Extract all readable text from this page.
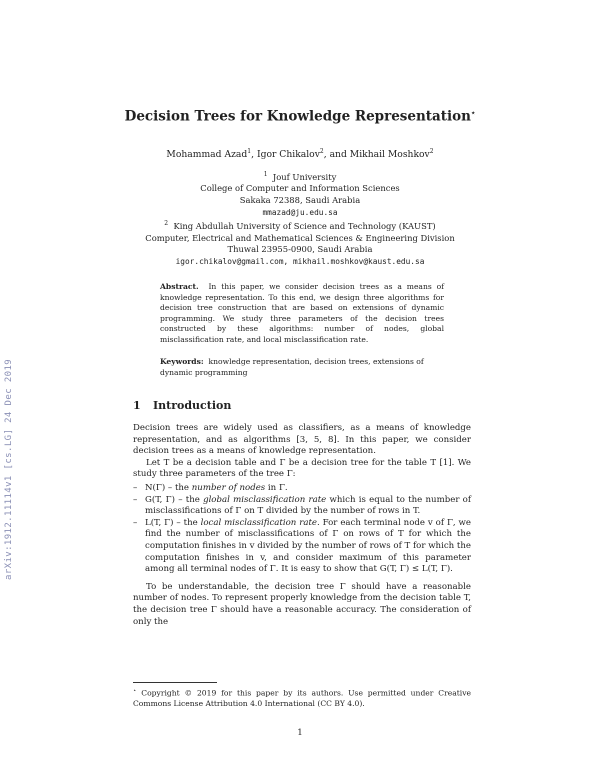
arXiv:1912.11114v1 [cs.LG] 24 Dec 2019
Decision Trees for Knowledge Representation⋆
Mohammad Azad$^1$, Igor Chikalov$^2$, and Mikhail Moshkov$^2$
$^1$ Jouf University
College of Computer and Information Sciences
Sakaka 72388, Saudi Arabia
mmazad@ju.edu.sa
$^2$ King Abdullah University of Science and Technology (KAUST)
Computer, Electrical and Mathematical Sciences & Engineering Division
Thuwal 23955-0900, Saudi Arabia
igor.chikalov@gmail.com, mikhail.moshkov@kaust.edu.sa
Abstract. In this paper, we consider decision trees as a means of knowledge representation. To this end, we design three algorithms for decision tree construction that are based on extensions of dynamic programming. We study three parameters of the decision trees constructed by these algorithms: number of nodes, global misclassification rate, and local misclassification rate.
Keywords: knowledge representation, decision trees, extensions of dynamic programming
1 Introduction

Decision trees are widely used as classifiers, as a means of knowledge representation, and as algorithms [3, 5, 8]. In this paper, we consider decision trees as a means of knowledge representation.

Let T be a decision table and Γ be a decision tree for the table T [1]. We study three parameters of the tree Γ:

– N(Γ) – the number of nodes in Γ.
– G(T, Γ) – the global misclassification rate which is equal to the number of misclassifications of Γ on T divided by the number of rows in T.
– L(T, Γ) – the local misclassification rate. For each terminal node v of Γ, we find the number of misclassifications of Γ on rows of T for which the computation finishes in v divided by the number of rows of T for which the computation finishes in v, and consider maximum of this parameter among all terminal nodes of Γ. It is easy to show that G(T, Γ) ≤ L(T, Γ).

To be understandable, the decision tree Γ should have a reasonable number of nodes. To represent properly knowledge from the decision table T, the decision tree Γ should have a reasonable accuracy. The consideration of only the

⋆ Copyright © 2019 for this paper by its authors. Use permitted under Creative Commons License Attribution 4.0 International (CC BY 4.0).
1
